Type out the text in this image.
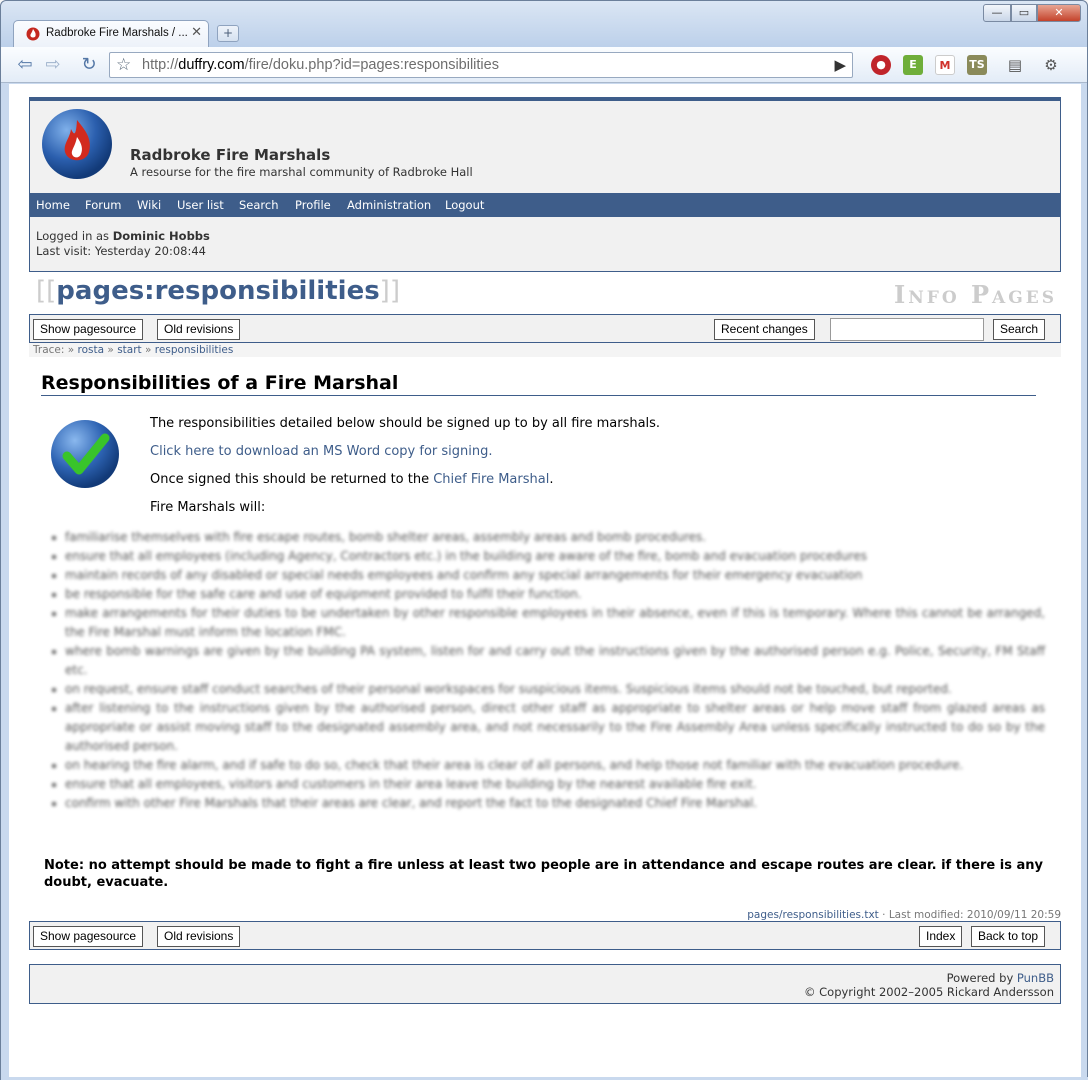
Radbroke Fire Marshals / ... ✕	+
—	▭	✕
⇦ ⇨ ↻ ☆ http://duffry.com/fire/doku.php?id=pages:responsibilities	▶	●	E	M	TS ▤ ⚙
Radbroke Fire Marshals
A resourse for the fire marshal community of Radbroke Hall
Home Forum Wiki User list Search Profile Administration Logout
Logged in as Dominic Hobbs
Last visit: Yesterday 20:08:44
[[pages:responsibilities]]	Info Pages
Show pagesource	Old revisions	Recent changes	Search
Trace: » rosta » start » responsibilities
Responsibilities of a Fire Marshal

The responsibilities detailed below should be signed up to by all fire marshals.

Click here to download an MS Word copy for signing.

Once signed this should be returned to the Chief Fire Marshal.

Fire Marshals will:

familiarise themselves with fire escape routes, bomb shelter areas, assembly areas and bomb procedures.
ensure that all employees (including Agency, Contractors etc.) in the building are aware of the fire, bomb and evacuation procedures
maintain records of any disabled or special needs employees and confirm any special arrangements for their emergency evacuation
be responsible for the safe care and use of equipment provided to fulfil their function.
make arrangements for their duties to be undertaken by other responsible employees in their absence, even if this is temporary. Where this cannot be arranged, the Fire Marshal must inform the location FMC.
where bomb warnings are given by the building PA system, listen for and carry out the instructions given by the authorised person e.g. Police, Security, FM Staff etc.
on request, ensure staff conduct searches of their personal workspaces for suspicious items. Suspicious items should not be touched, but reported.
after listening to the instructions given by the authorised person, direct other staff as appropriate to shelter areas or help move staff from glazed areas as appropriate or assist moving staff to the designated assembly area, and not necessarily to the Fire Assembly Area unless specifically instructed to do so by the authorised person.
on hearing the fire alarm, and if safe to do so, check that their area is clear of all persons, and help those not familiar with the evacuation procedure.
ensure that all employees, visitors and customers in their area leave the building by the nearest available fire exit.
confirm with other Fire Marshals that their areas are clear, and report the fact to the designated Chief Fire Marshal.
Note: no attempt should be made to fight a fire unless at least two people are in attendance and escape routes are clear. if there is any doubt, evacuate.
pages/responsibilities.txt · Last modified: 2010/09/11 20:59
Show pagesource	Old revisions	Index	Back to top
Powered by PunBB
© Copyright 2002–2005 Rickard Andersson
